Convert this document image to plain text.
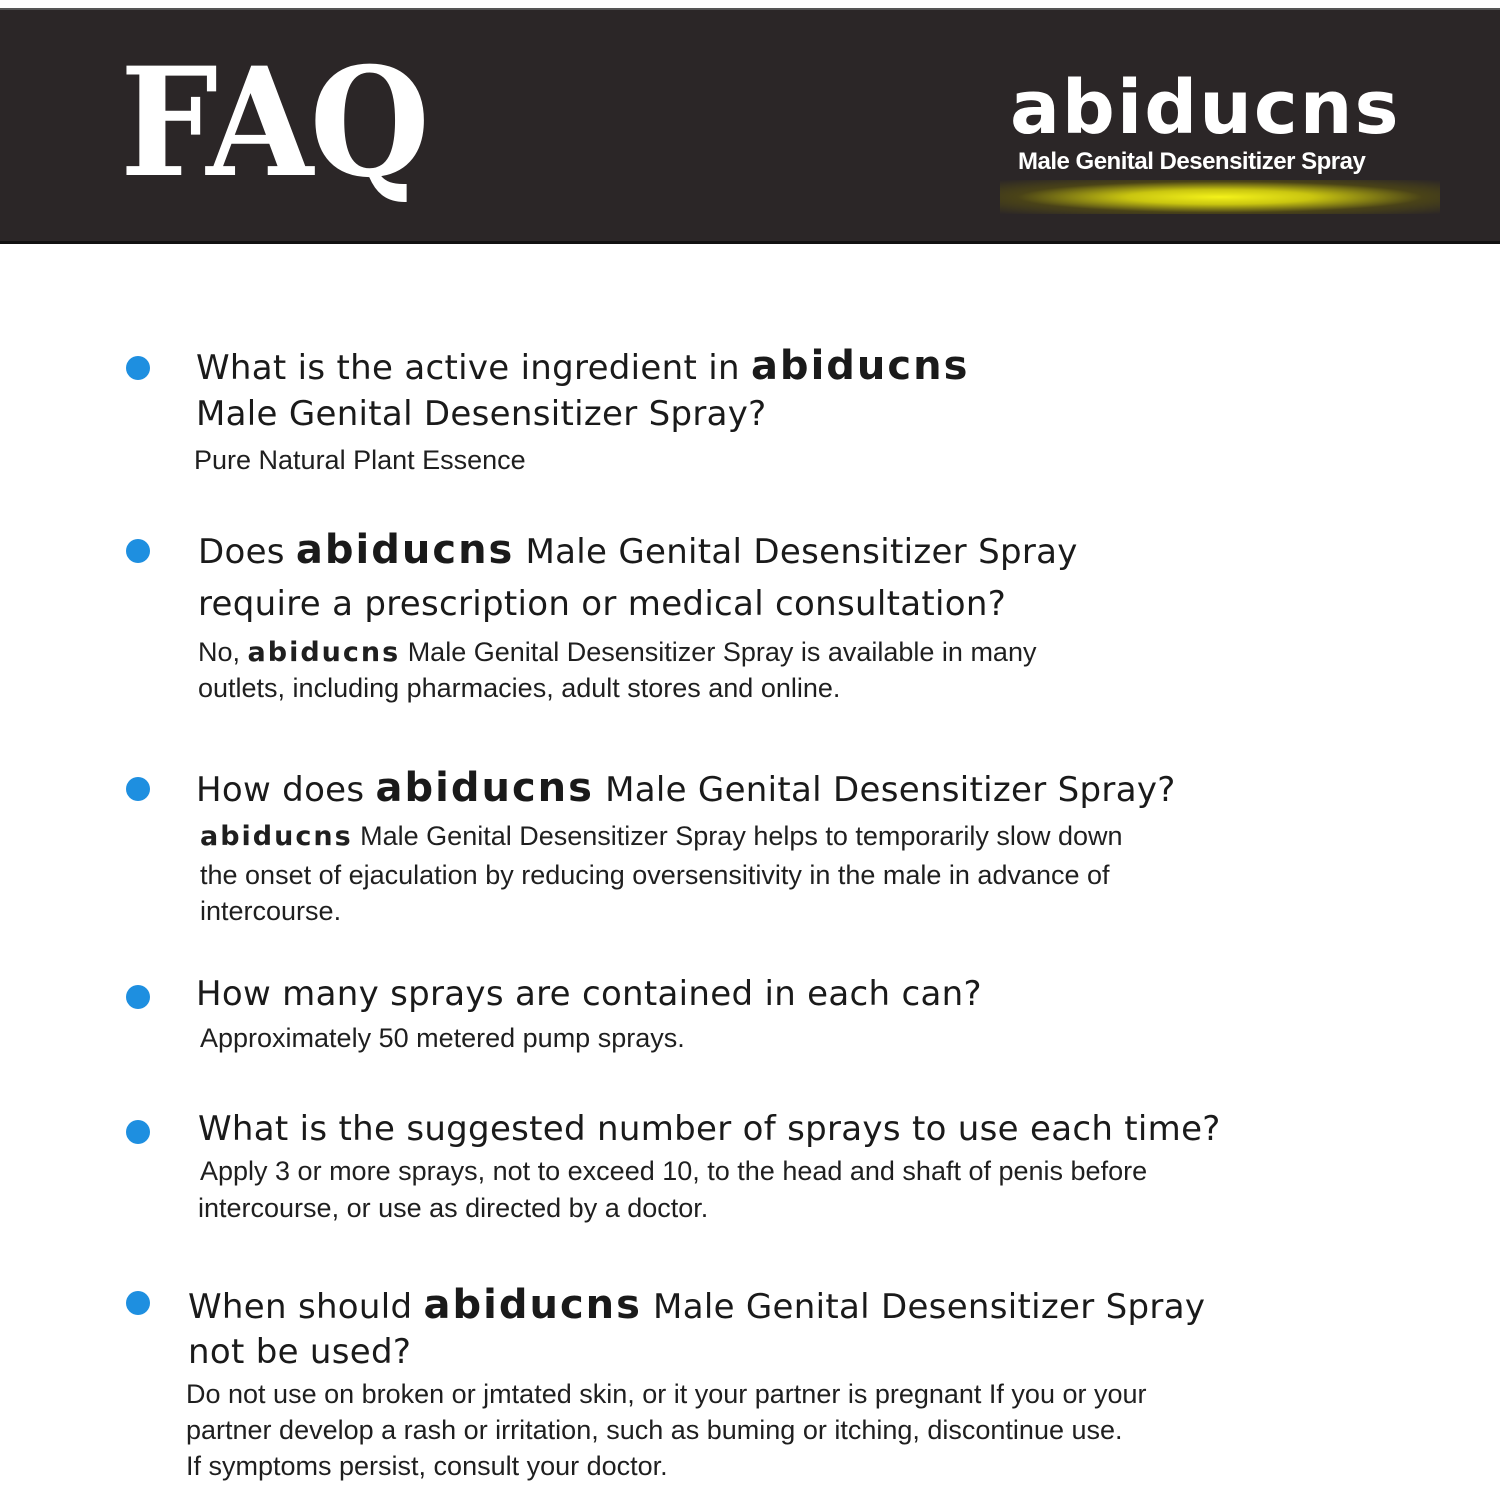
FAQ	abiducns
Male Genital Desensitizer Spray
What is the active ingredient in abiducns
Male Genital Desensitizer Spray?
Pure Natural Plant Essence
Does abiducns Male Genital Desensitizer Spray
require a prescription or medical consultation?
No, abiducns Male Genital Desensitizer Spray is available in many
outlets, including pharmacies, adult stores and online.
How does abiducns Male Genital Desensitizer Spray?
abiducns Male Genital Desensitizer Spray helps to temporarily slow down
the onset of ejaculation by reducing oversensitivity in the male in advance of
intercourse.
How many sprays are contained in each can?
Approximately 50 metered pump sprays.
What is the suggested number of sprays to use each time?
Apply 3 or more sprays, not to exceed 10, to the head and shaft of penis before
intercourse, or use as directed by a doctor.
When should abiducns Male Genital Desensitizer Spray
not be used?
Do not use on broken or jmtated skin, or it your partner is pregnant If you or your
partner develop a rash or irritation, such as buming or itching, discontinue use.
If symptoms persist, consult your doctor.
